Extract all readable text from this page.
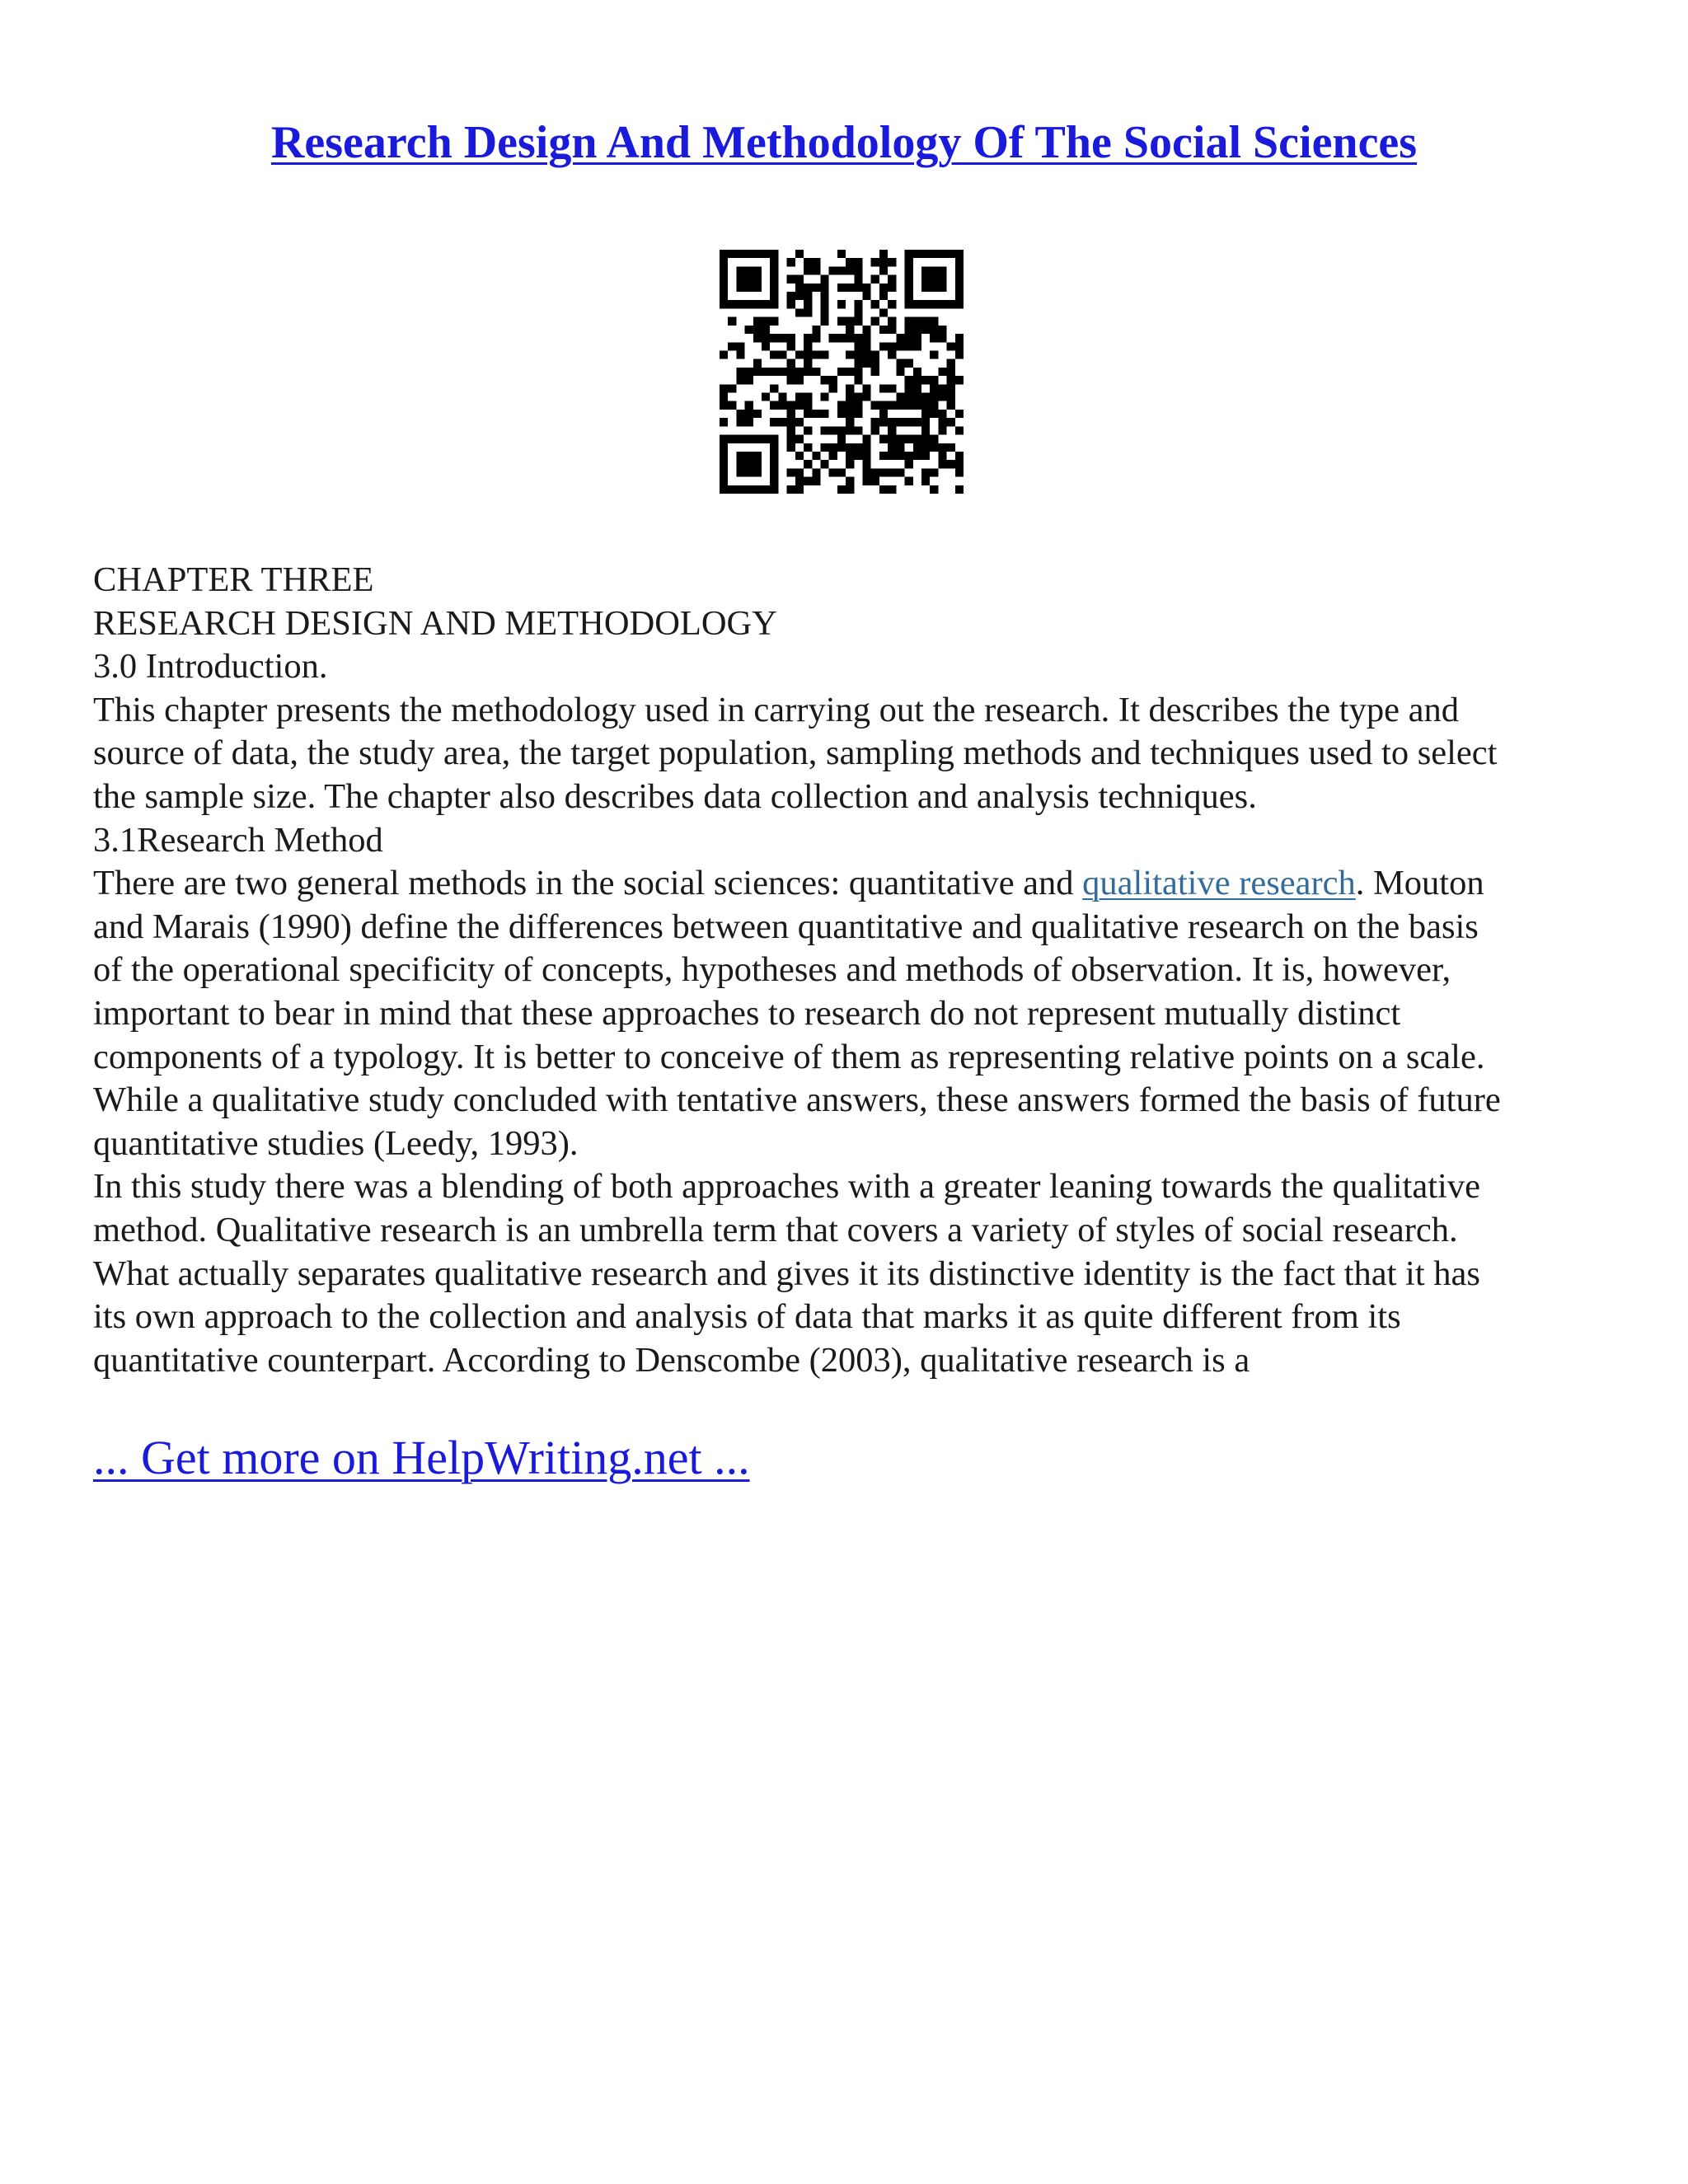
Research Design And Methodology Of The Social Sciences
CHAPTER THREE
RESEARCH DESIGN AND METHODOLOGY
3.0 Introduction.
This chapter presents the methodology used in carrying out the research. It describes the type and
source of data, the study area, the target population, sampling methods and techniques used to select
the sample size. The chapter also describes data collection and analysis techniques.
3.1Research Method
There are two general methods in the social sciences: quantitative and qualitative research. Mouton
and Marais (1990) define the differences between quantitative and qualitative research on the basis
of the operational specificity of concepts, hypotheses and methods of observation. It is, however,
important to bear in mind that these approaches to research do not represent mutually distinct
components of a typology. It is better to conceive of them as representing relative points on a scale.
While a qualitative study concluded with tentative answers, these answers formed the basis of future
quantitative studies (Leedy, 1993).
In this study there was a blending of both approaches with a greater leaning towards the qualitative
method. Qualitative research is an umbrella term that covers a variety of styles of social research.
What actually separates qualitative research and gives it its distinctive identity is the fact that it has
its own approach to the collection and analysis of data that marks it as quite different from its
quantitative counterpart. According to Denscombe (2003), qualitative research is a
... Get more on HelpWriting.net ...
